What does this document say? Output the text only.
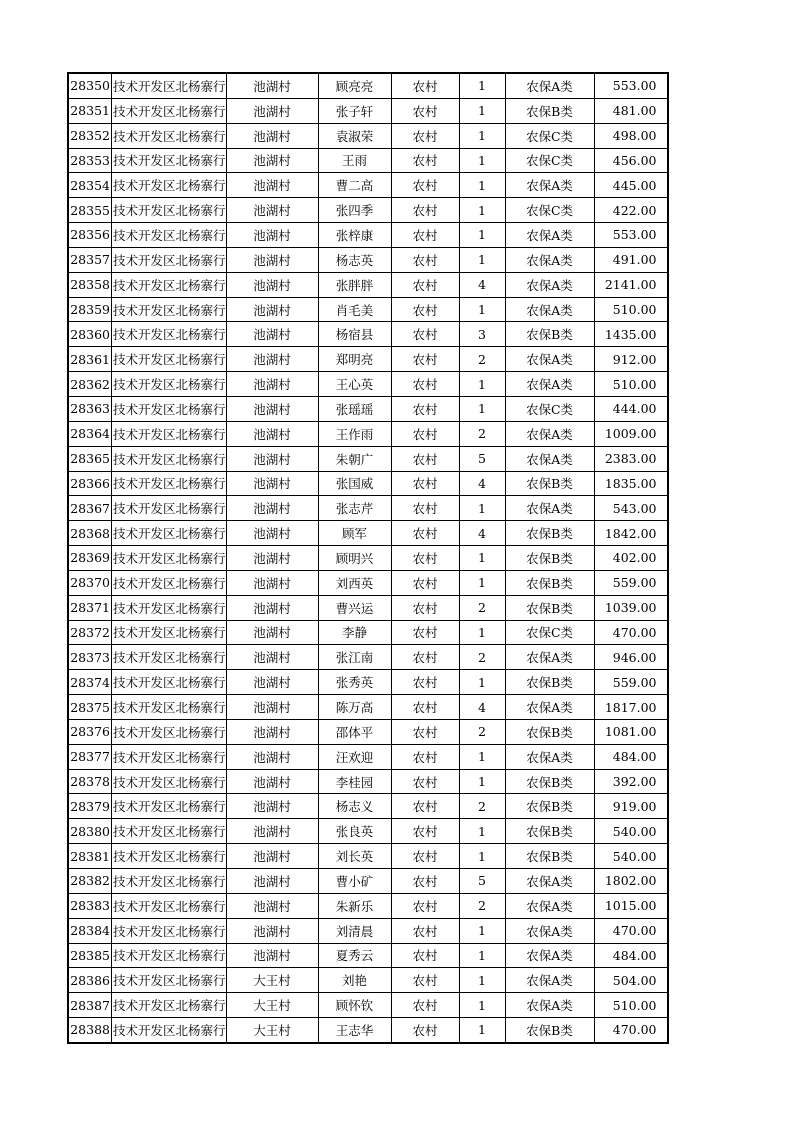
28350	技术开发区北杨寨行	池湖村	顾亮亮	农村	1	农保A类	553.00
28351	技术开发区北杨寨行	池湖村	张子轩	农村	1	农保B类	481.00
28352	技术开发区北杨寨行	池湖村	袁淑荣	农村	1	农保C类	498.00
28353	技术开发区北杨寨行	池湖村	王雨	农村	1	农保C类	456.00
28354	技术开发区北杨寨行	池湖村	曹二高	农村	1	农保A类	445.00
28355	技术开发区北杨寨行	池湖村	张四季	农村	1	农保C类	422.00
28356	技术开发区北杨寨行	池湖村	张梓康	农村	1	农保A类	553.00
28357	技术开发区北杨寨行	池湖村	杨志英	农村	1	农保A类	491.00
28358	技术开发区北杨寨行	池湖村	张胖胖	农村	4	农保A类	2141.00
28359	技术开发区北杨寨行	池湖村	肖毛美	农村	1	农保A类	510.00
28360	技术开发区北杨寨行	池湖村	杨宿县	农村	3	农保B类	1435.00
28361	技术开发区北杨寨行	池湖村	郑明亮	农村	2	农保A类	912.00
28362	技术开发区北杨寨行	池湖村	王心英	农村	1	农保A类	510.00
28363	技术开发区北杨寨行	池湖村	张瑶瑶	农村	1	农保C类	444.00
28364	技术开发区北杨寨行	池湖村	王作雨	农村	2	农保A类	1009.00
28365	技术开发区北杨寨行	池湖村	朱朝广	农村	5	农保A类	2383.00
28366	技术开发区北杨寨行	池湖村	张国威	农村	4	农保B类	1835.00
28367	技术开发区北杨寨行	池湖村	张志芹	农村	1	农保A类	543.00
28368	技术开发区北杨寨行	池湖村	顾军	农村	4	农保B类	1842.00
28369	技术开发区北杨寨行	池湖村	顾明兴	农村	1	农保B类	402.00
28370	技术开发区北杨寨行	池湖村	刘西英	农村	1	农保B类	559.00
28371	技术开发区北杨寨行	池湖村	曹兴运	农村	2	农保B类	1039.00
28372	技术开发区北杨寨行	池湖村	李静	农村	1	农保C类	470.00
28373	技术开发区北杨寨行	池湖村	张江南	农村	2	农保A类	946.00
28374	技术开发区北杨寨行	池湖村	张秀英	农村	1	农保B类	559.00
28375	技术开发区北杨寨行	池湖村	陈万高	农村	4	农保A类	1817.00
28376	技术开发区北杨寨行	池湖村	邵体平	农村	2	农保B类	1081.00
28377	技术开发区北杨寨行	池湖村	汪欢迎	农村	1	农保A类	484.00
28378	技术开发区北杨寨行	池湖村	李桂园	农村	1	农保B类	392.00
28379	技术开发区北杨寨行	池湖村	杨志义	农村	2	农保B类	919.00
28380	技术开发区北杨寨行	池湖村	张良英	农村	1	农保B类	540.00
28381	技术开发区北杨寨行	池湖村	刘长英	农村	1	农保B类	540.00
28382	技术开发区北杨寨行	池湖村	曹小矿	农村	5	农保A类	1802.00
28383	技术开发区北杨寨行	池湖村	朱新乐	农村	2	农保A类	1015.00
28384	技术开发区北杨寨行	池湖村	刘清晨	农村	1	农保A类	470.00
28385	技术开发区北杨寨行	池湖村	夏秀云	农村	1	农保A类	484.00
28386	技术开发区北杨寨行	大王村	刘艳	农村	1	农保A类	504.00
28387	技术开发区北杨寨行	大王村	顾怀钦	农村	1	农保A类	510.00
28388	技术开发区北杨寨行	大王村	王志华	农村	1	农保B类	470.00
